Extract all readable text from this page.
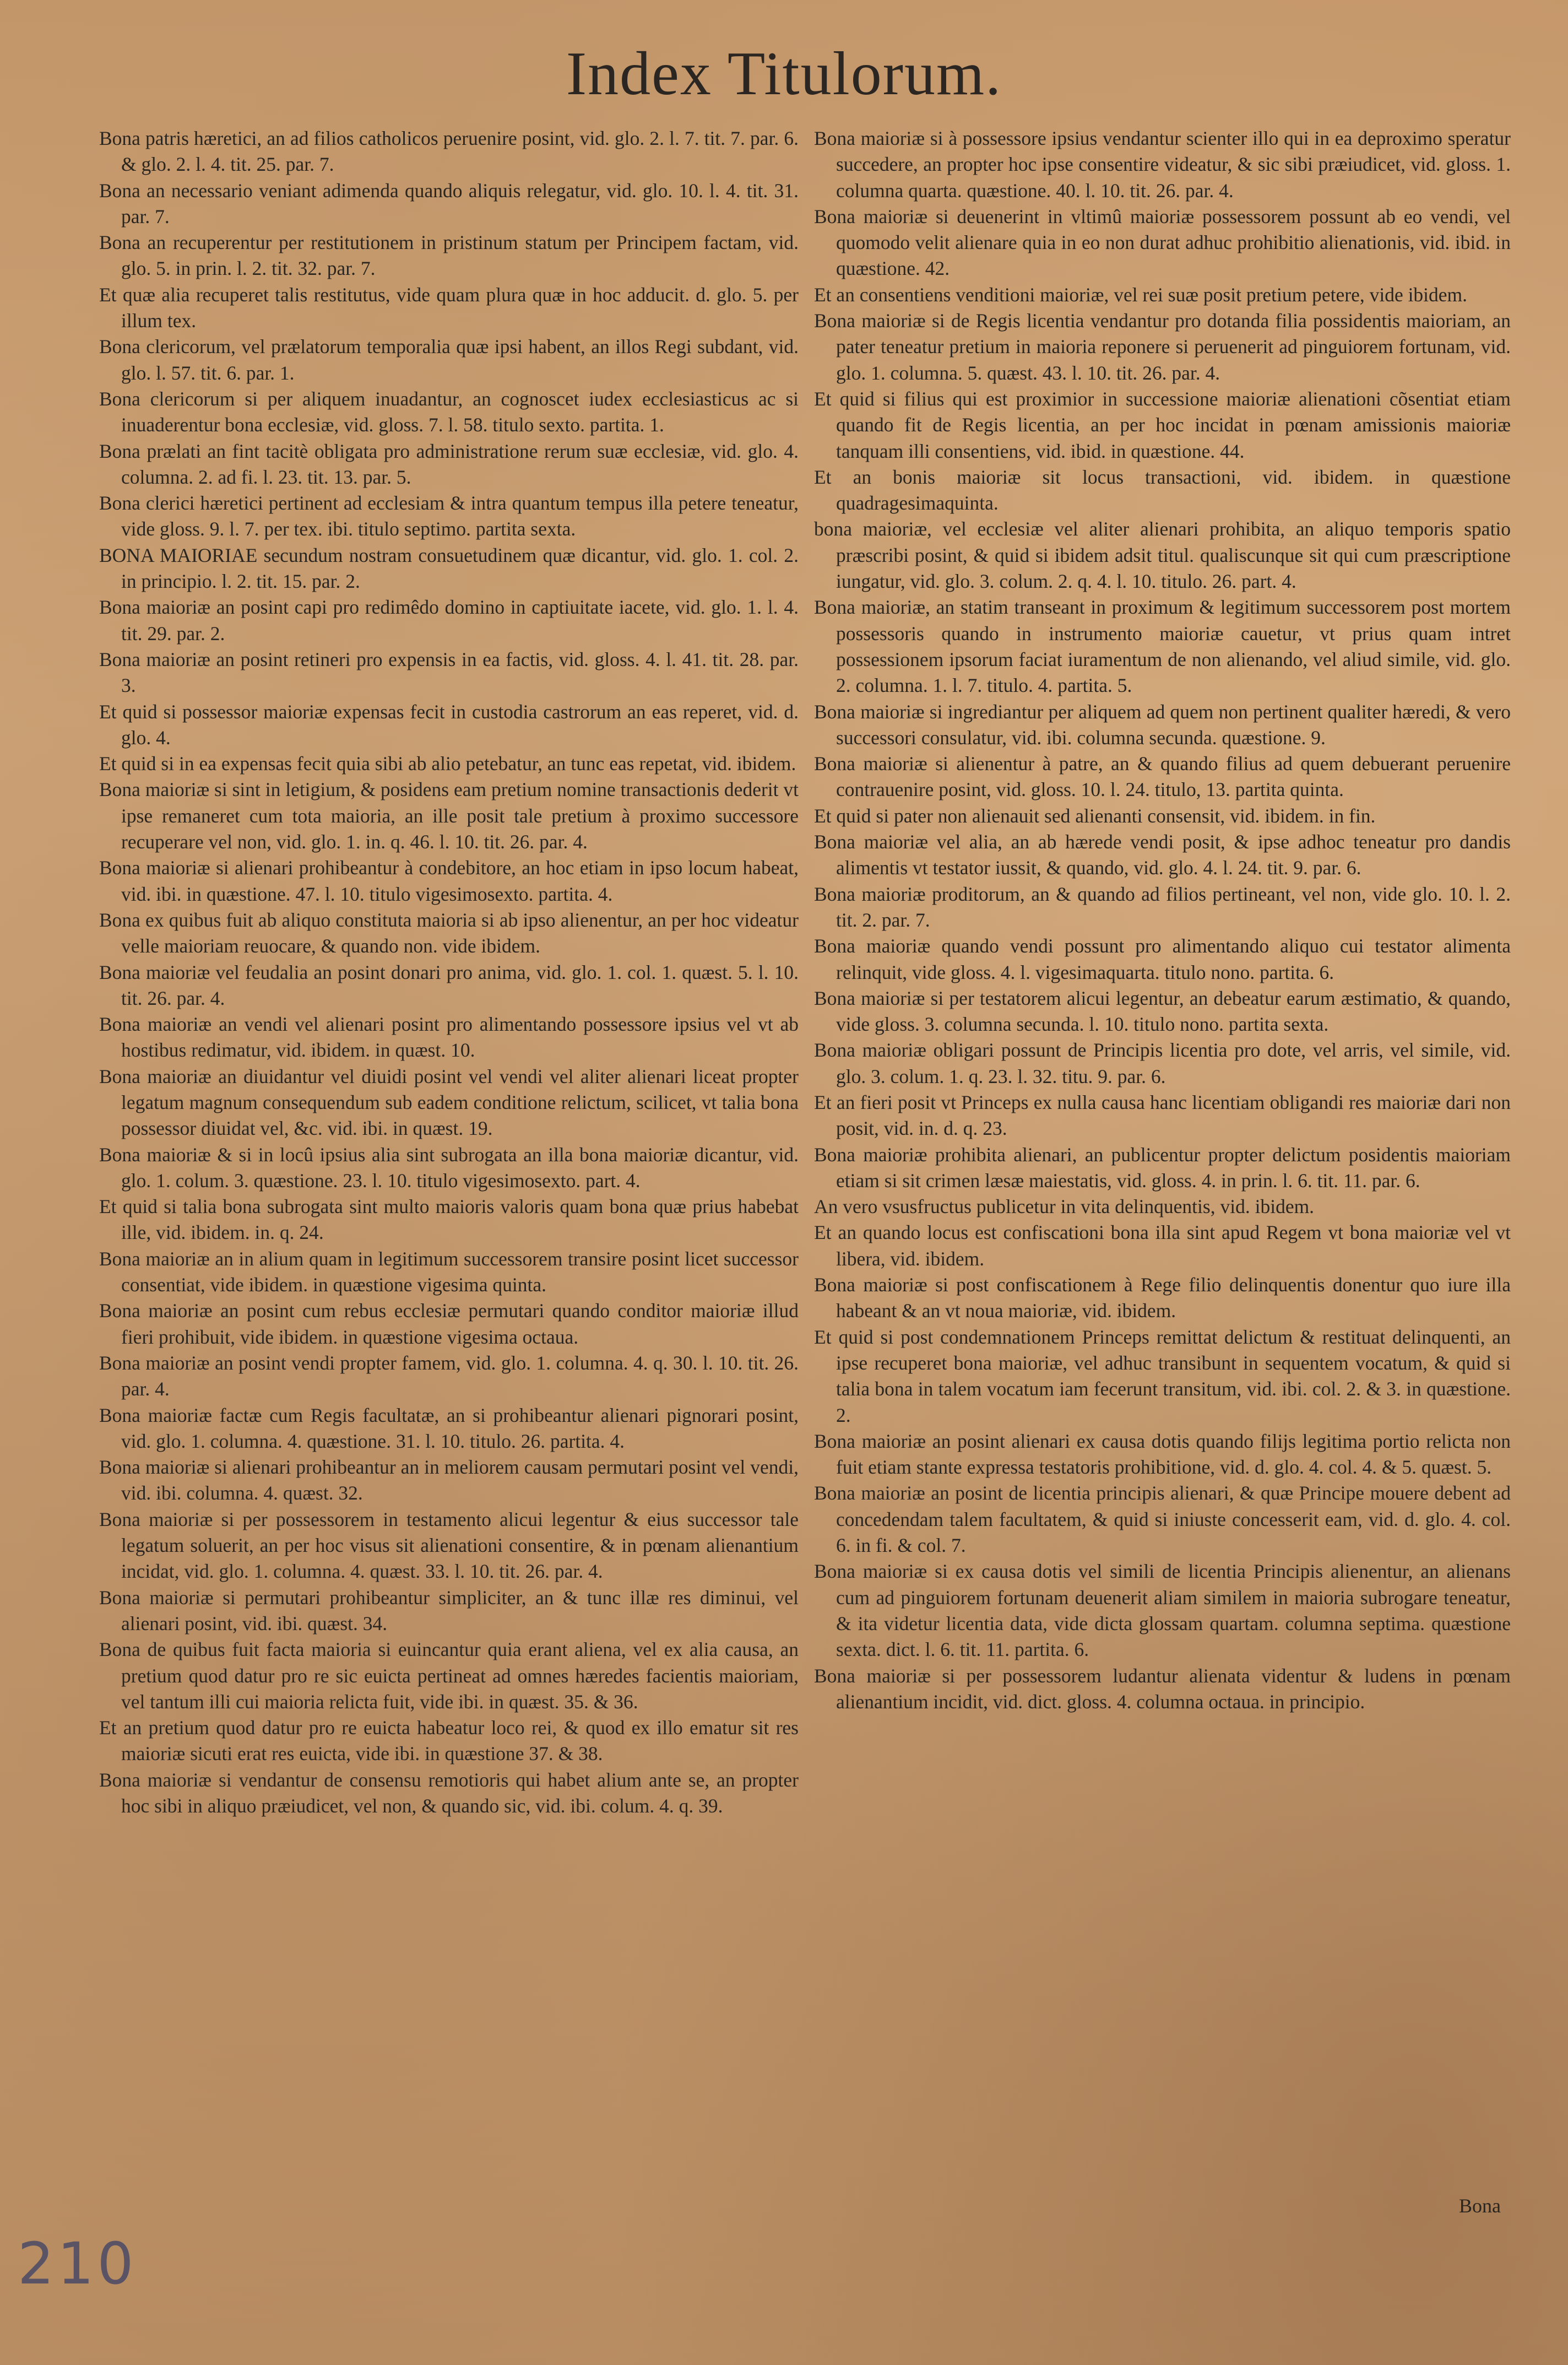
Index Titulorum.

Bona patris hæretici, an ad filios catholicos peruenire posint, vid. glo. 2. l. 7. tit. 7. par. 6. & glo. 2. l. 4. tit. 25. par. 7.

Bona an necessario veniant adimenda quando aliquis relegatur, vid. glo. 10. l. 4. tit. 31. par. 7.

Bona an recuperentur per restitutionem in pristinum statum per Principem factam, vid. glo. 5. in prin. l. 2. tit. 32. par. 7.

Et quæ alia recuperet talis restitutus, vide quam plura quæ in hoc adducit. d. glo. 5. per illum tex.

Bona clericorum, vel prælatorum temporalia quæ ipsi habent, an illos Regi subdant, vid. glo. l. 57. tit. 6. par. 1.

Bona clericorum si per aliquem inuadantur, an cognoscet iudex ecclesiasticus ac si inuaderentur bona ecclesiæ, vid. gloss. 7. l. 58. titulo sexto. partita. 1.

Bona prælati an fint tacitè obligata pro administratione rerum suæ ecclesiæ, vid. glo. 4. columna. 2. ad fi. l. 23. tit. 13. par. 5.

Bona clerici hæretici pertinent ad ecclesiam & intra quantum tempus illa petere teneatur, vide gloss. 9. l. 7. per tex. ibi. titulo septimo. partita sexta.

BONA MAIORIAE secundum nostram consuetudinem quæ dicantur, vid. glo. 1. col. 2. in principio. l. 2. tit. 15. par. 2.

Bona maioriæ an posint capi pro redimêdo domino in captiuitate iacete, vid. glo. 1. l. 4. tit. 29. par. 2.

Bona maioriæ an posint retineri pro expensis in ea factis, vid. gloss. 4. l. 41. tit. 28. par. 3.

Et quid si possessor maioriæ expensas fecit in custodia castrorum an eas reperet, vid. d. glo. 4.

Et quid si in ea expensas fecit quia sibi ab alio petebatur, an tunc eas repetat, vid. ibidem.

Bona maioriæ si sint in letigium, & posidens eam pretium nomine transactionis dederit vt ipse remaneret cum tota maioria, an ille posit tale pretium à proximo successore recuperare vel non, vid. glo. 1. in. q. 46. l. 10. tit. 26. par. 4.

Bona maioriæ si alienari prohibeantur à condebitore, an hoc etiam in ipso locum habeat, vid. ibi. in quæstione. 47. l. 10. titulo vigesimosexto. partita. 4.

Bona ex quibus fuit ab aliquo constituta maioria si ab ipso alienentur, an per hoc videatur velle maioriam reuocare, & quando non. vide ibidem.

Bona maioriæ vel feudalia an posint donari pro anima, vid. glo. 1. col. 1. quæst. 5. l. 10. tit. 26. par. 4.

Bona maioriæ an vendi vel alienari posint pro alimentando possessore ipsius vel vt ab hostibus redimatur, vid. ibidem. in quæst. 10.

Bona maioriæ an diuidantur vel diuidi posint vel vendi vel aliter alienari liceat propter legatum magnum consequendum sub eadem conditione relictum, scilicet, vt talia bona possessor diuidat vel, &c. vid. ibi. in quæst. 19.

Bona maioriæ & si in locû ipsius alia sint subrogata an illa bona maioriæ dicantur, vid. glo. 1. colum. 3. quæstione. 23. l. 10. titulo vigesimosexto. part. 4.

Et quid si talia bona subrogata sint multo maioris valoris quam bona quæ prius habebat ille, vid. ibidem. in. q. 24.

Bona maioriæ an in alium quam in legitimum successorem transire posint licet successor consentiat, vide ibidem. in quæstione vigesima quinta.

Bona maioriæ an posint cum rebus ecclesiæ permutari quando conditor maioriæ illud fieri prohibuit, vide ibidem. in quæstione vigesima octaua.

Bona maioriæ an posint vendi propter famem, vid. glo. 1. columna. 4. q. 30. l. 10. tit. 26. par. 4.

Bona maioriæ factæ cum Regis facultatæ, an si prohibeantur alienari pignorari posint, vid. glo. 1. columna. 4. quæstione. 31. l. 10. titulo. 26. partita. 4.

Bona maioriæ si alienari prohibeantur an in meliorem causam permutari posint vel vendi, vid. ibi. columna. 4. quæst. 32.

Bona maioriæ si per possessorem in testamento alicui legentur & eius successor tale legatum soluerit, an per hoc visus sit alienationi consentire, & in pœnam alienantium incidat, vid. glo. 1. columna. 4. quæst. 33. l. 10. tit. 26. par. 4.

Bona maioriæ si permutari prohibeantur simpliciter, an & tunc illæ res diminui, vel alienari posint, vid. ibi. quæst. 34.

Bona de quibus fuit facta maioria si euincantur quia erant aliena, vel ex alia causa, an pretium quod datur pro re sic euicta pertineat ad omnes hæredes facientis maioriam, vel tantum illi cui maioria relicta fuit, vide ibi. in quæst. 35. & 36.

Et an pretium quod datur pro re euicta habeatur loco rei, & quod ex illo ematur sit res maioriæ sicuti erat res euicta, vide ibi. in quæstione 37. & 38.

Bona maioriæ si vendantur de consensu remotioris qui habet alium ante se, an propter hoc sibi in aliquo præiudicet, vel non, & quando sic, vid. ibi. colum. 4. q. 39.

Bona maioriæ si à possessore ipsius vendantur scienter illo qui in ea deproximo speratur succedere, an propter hoc ipse consentire videatur, & sic sibi præiudicet, vid. gloss. 1. columna quarta. quæstione. 40. l. 10. tit. 26. par. 4.

Bona maioriæ si deuenerint in vltimû maioriæ possessorem possunt ab eo vendi, vel quomodo velit alienare quia in eo non durat adhuc prohibitio alienationis, vid. ibid. in quæstione. 42.

Et an consentiens venditioni maioriæ, vel rei suæ posit pretium petere, vide ibidem.

Bona maioriæ si de Regis licentia vendantur pro dotanda filia possidentis maioriam, an pater teneatur pretium in maioria reponere si peruenerit ad pinguiorem fortunam, vid. glo. 1. columna. 5. quæst. 43. l. 10. tit. 26. par. 4.

Et quid si filius qui est proximior in successione maioriæ alienationi cõsentiat etiam quando fit de Regis licentia, an per hoc incidat in pœnam amissionis maioriæ tanquam illi consentiens, vid. ibid. in quæstione. 44.

Et an bonis maioriæ sit locus transactioni, vid. ibidem. in quæstione quadragesimaquinta.

bona maioriæ, vel ecclesiæ vel aliter alienari prohibita, an aliquo temporis spatio præscribi posint, & quid si ibidem adsit titul. qualiscunque sit qui cum præscriptione iungatur, vid. glo. 3. colum. 2. q. 4. l. 10. titulo. 26. part. 4.

Bona maioriæ, an statim transeant in proximum & legitimum successorem post mortem possessoris quando in instrumento maioriæ cauetur, vt prius quam intret possessionem ipsorum faciat iuramentum de non alienando, vel aliud simile, vid. glo. 2. columna. 1. l. 7. titulo. 4. partita. 5.

Bona maioriæ si ingrediantur per aliquem ad quem non pertinent qualiter hæredi, & vero successori consulatur, vid. ibi. columna secunda. quæstione. 9.

Bona maioriæ si alienentur à patre, an & quando filius ad quem debuerant peruenire contrauenire posint, vid. gloss. 10. l. 24. titulo, 13. partita quinta.

Et quid si pater non alienauit sed alienanti consensit, vid. ibidem. in fin.

Bona maioriæ vel alia, an ab hærede vendi posit, & ipse adhoc teneatur pro dandis alimentis vt testator iussit, & quando, vid. glo. 4. l. 24. tit. 9. par. 6.

Bona maioriæ proditorum, an & quando ad filios pertineant, vel non, vide glo. 10. l. 2. tit. 2. par. 7.

Bona maioriæ quando vendi possunt pro alimentando aliquo cui testator alimenta relinquit, vide gloss. 4. l. vigesimaquarta. titulo nono. partita. 6.

Bona maioriæ si per testatorem alicui legentur, an debeatur earum æstimatio, & quando, vide gloss. 3. columna secunda. l. 10. titulo nono. partita sexta.

Bona maioriæ obligari possunt de Principis licentia pro dote, vel arris, vel simile, vid. glo. 3. colum. 1. q. 23. l. 32. titu. 9. par. 6.

Et an fieri posit vt Princeps ex nulla causa hanc licentiam obligandi res maioriæ dari non posit, vid. in. d. q. 23.

Bona maioriæ prohibita alienari, an publicentur propter delictum posidentis maioriam etiam si sit crimen læsæ maiestatis, vid. gloss. 4. in prin. l. 6. tit. 11. par. 6.

An vero vsusfructus publicetur in vita delinquentis, vid. ibidem.

Et an quando locus est confiscationi bona illa sint apud Regem vt bona maioriæ vel vt libera, vid. ibidem.

Bona maioriæ si post confiscationem à Rege filio delinquentis donentur quo iure illa habeant & an vt noua maioriæ, vid. ibidem.

Et quid si post condemnationem Princeps remittat delictum & restituat delinquenti, an ipse recuperet bona maioriæ, vel adhuc transibunt in sequentem vocatum, & quid si talia bona in talem vocatum iam fecerunt transitum, vid. ibi. col. 2. & 3. in quæstione. 2.

Bona maioriæ an posint alienari ex causa dotis quando filijs legitima portio relicta non fuit etiam stante expressa testatoris prohibitione, vid. d. glo. 4. col. 4. & 5. quæst. 5.

Bona maioriæ an posint de licentia principis alienari, & quæ Principe mouere debent ad concedendam talem facultatem, & quid si iniuste concesserit eam, vid. d. glo. 4. col. 6. in fi. & col. 7.

Bona maioriæ si ex causa dotis vel simili de licentia Principis alienentur, an alienans cum ad pinguiorem fortunam deuenerit aliam similem in maioria subrogare teneatur, & ita videtur licentia data, vide dicta glossam quartam. columna septima. quæstione sexta. dict. l. 6. tit. 11. partita. 6.

Bona maioriæ si per possessorem ludantur alienata videntur & ludens in pœnam alienantium incidit, vid. dict. gloss. 4. columna octaua. in principio.

Bona
210
